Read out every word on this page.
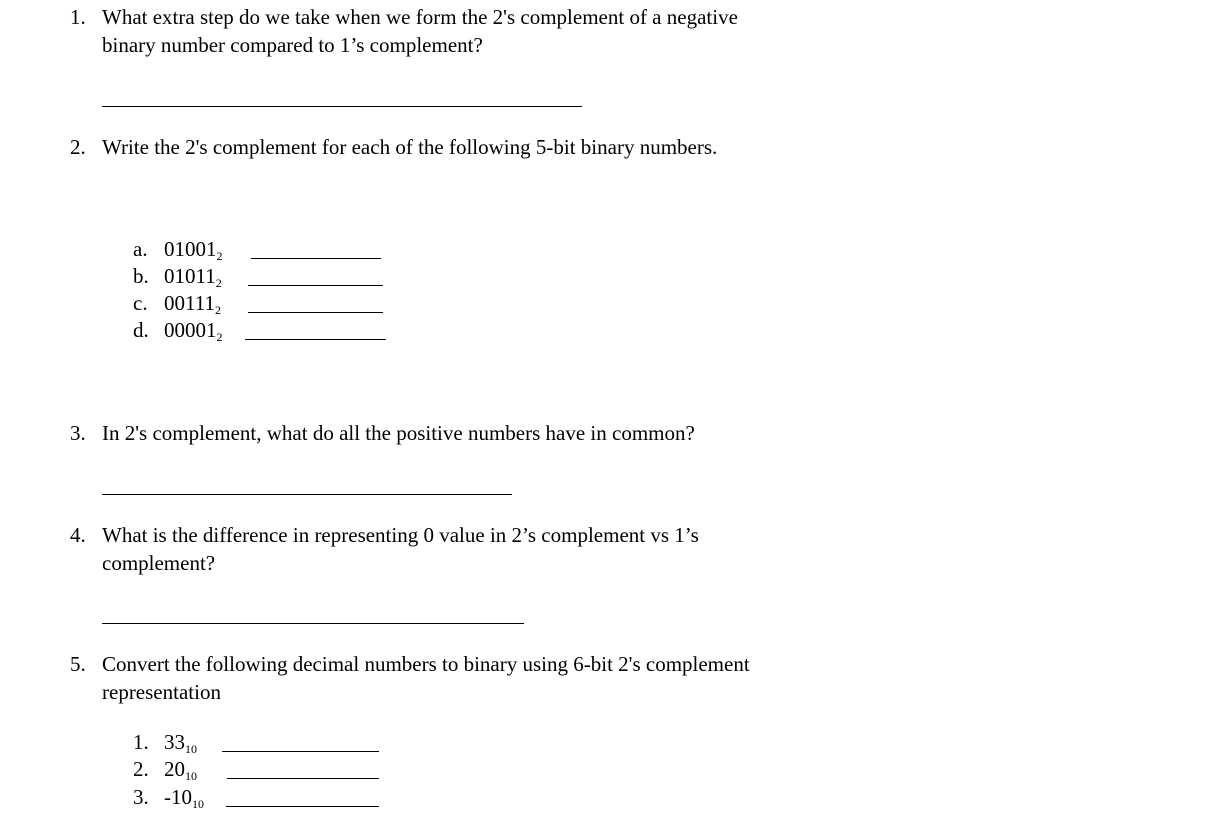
1. What extra step do we take when we form the 2's complement of a negative
binary number compared to 1’s complement?
2. Write the 2's complement for each of the following 5-bit binary numbers.
a. $01001_2$
b. $01011_2$
c. $00111_2$
d. $00001_2$
3. In 2's complement, what do all the positive numbers have in common?
4. What is the difference in representing 0 value in 2’s complement vs 1’s
complement?
5. Convert the following decimal numbers to binary using 6-bit 2's complement
representation
1. $33_{10}$
2. $20_{10}$
3. $-10_{10}$
